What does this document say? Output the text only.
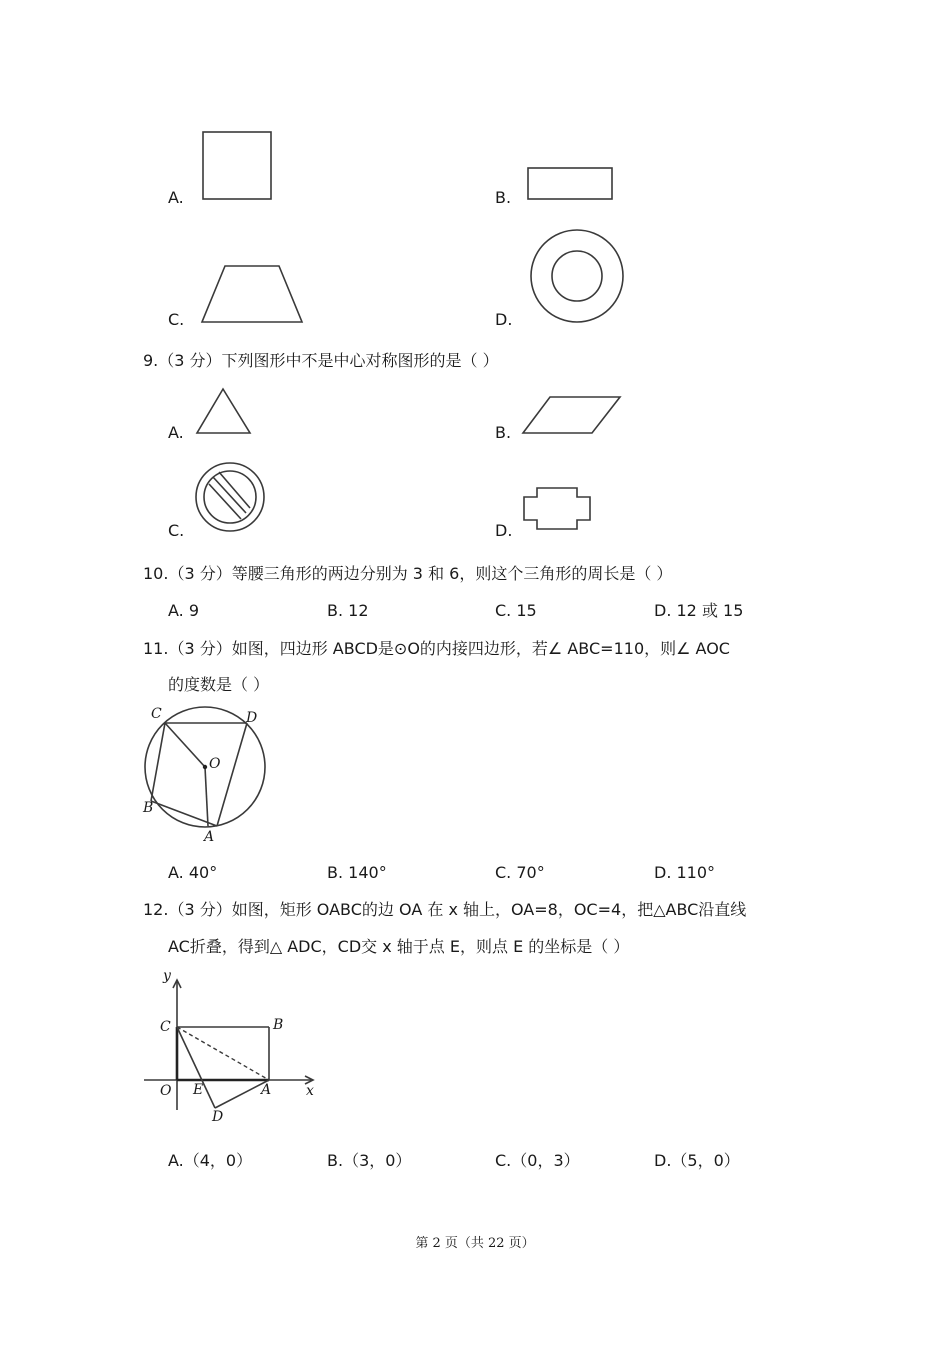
A.	B.
C.	D.
9.（3 分）下列图形中不是中心对称图形的是（ ）
A.	B.
C.	D.
10.（3 分）等腰三角形的两边分别为 3 和 6，则这个三角形的周长是（ ）
A. 9	B. 12	C. 15	D. 12 或 15
11.（3 分）如图，四边形 ABCD是⊙O的内接四边形，若∠ ABC=110，则∠ AOC
的度数是（ ）
C	D
O
B
A
A. 40°	B. 140°	C. 70°	D. 110°
12.（3 分）如图，矩形 OABC的边 OA 在 x 轴上，OA=8，OC=4，把△ABC沿直线
AC折叠，得到△ ADC，CD交 x 轴于点 E，则点 E 的坐标是（ ）
y
x
C	B
O E	A
D
A.（4，0）	B.（3，0）	C.（0，3）	D.（5，0）
第 2 页（共 22 页）
